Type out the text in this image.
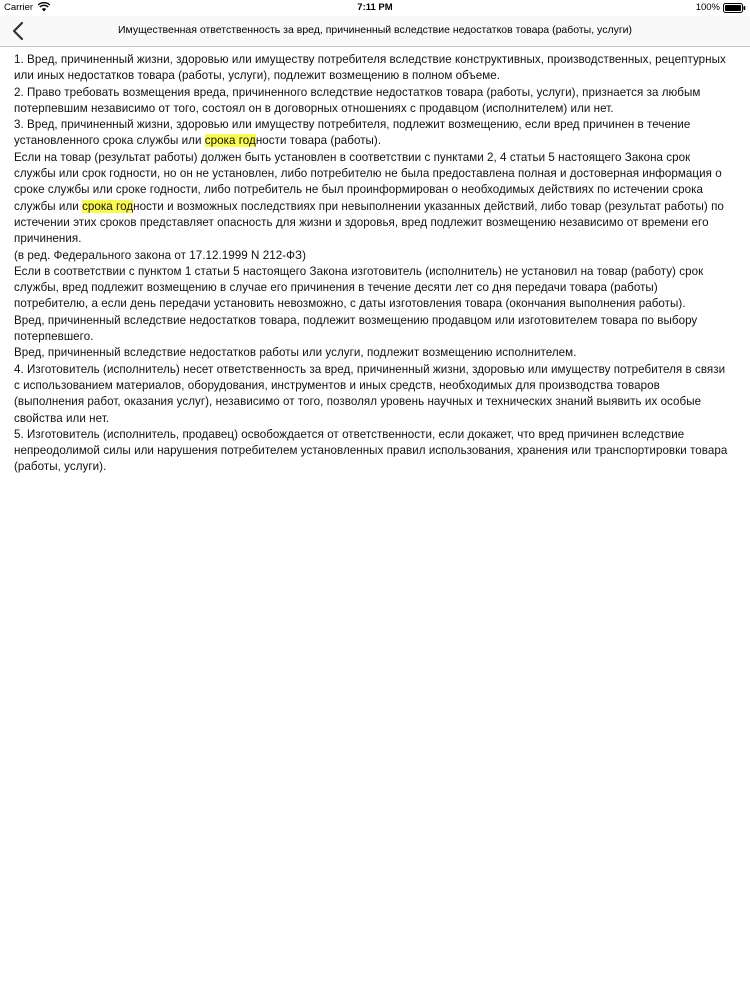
Carrier	7:11 PM	100%
Имущественная ответственность за вред, причиненный вследствие недостатков товара (работы, услуги)

1. Вред, причиненный жизни, здоровью или имуществу потребителя вследствие конструктивных, производственных, рецептурных или иных недостатков товара (работы, услуги), подлежит возмещению в полном объеме.

2. Право требовать возмещения вреда, причиненного вследствие недостатков товара (работы, услуги), признается за любым потерпевшим независимо от того, состоял он в договорных отношениях с продавцом (исполнителем) или нет.

3. Вред, причиненный жизни, здоровью или имуществу потребителя, подлежит возмещению, если вред причинен в течение установленного срока службы или срока годности товара (работы).

Если на товар (результат работы) должен быть установлен в соответствии с пунктами 2, 4 статьи 5 настоящего Закона срок службы или срок годности, но он не установлен, либо потребителю не была предоставлена полная и достоверная информация о сроке службы или сроке годности, либо потребитель не был проинформирован о необходимых действиях по истечении срока службы или срока годности и возможных последствиях при невыполнении указанных действий, либо товар (результат работы) по истечении этих сроков представляет опасность для жизни и здоровья, вред подлежит возмещению независимо от времени его причинения.

(в ред. Федерального закона от 17.12.1999 N 212-ФЗ)

Если в соответствии с пунктом 1 статьи 5 настоящего Закона изготовитель (исполнитель) не установил на товар (работу) срок службы, вред подлежит возмещению в случае его причинения в течение десяти лет со дня передачи товара (работы) потребителю, а если день передачи установить невозможно, с даты изготовления товара (окончания выполнения работы).

Вред, причиненный вследствие недостатков товара, подлежит возмещению продавцом или изготовителем товара по выбору потерпевшего.

Вред, причиненный вследствие недостатков работы или услуги, подлежит возмещению исполнителем.

4. Изготовитель (исполнитель) несет ответственность за вред, причиненный жизни, здоровью или имуществу потребителя в связи с использованием материалов, оборудования, инструментов и иных средств, необходимых для производства товаров (выполнения работ, оказания услуг), независимо от того, позволял уровень научных и технических знаний выявить их особые свойства или нет.

5. Изготовитель (исполнитель, продавец) освобождается от ответственности, если докажет, что вред причинен вследствие непреодолимой силы или нарушения потребителем установленных правил использования, хранения или транспортировки товара (работы, услуги).
